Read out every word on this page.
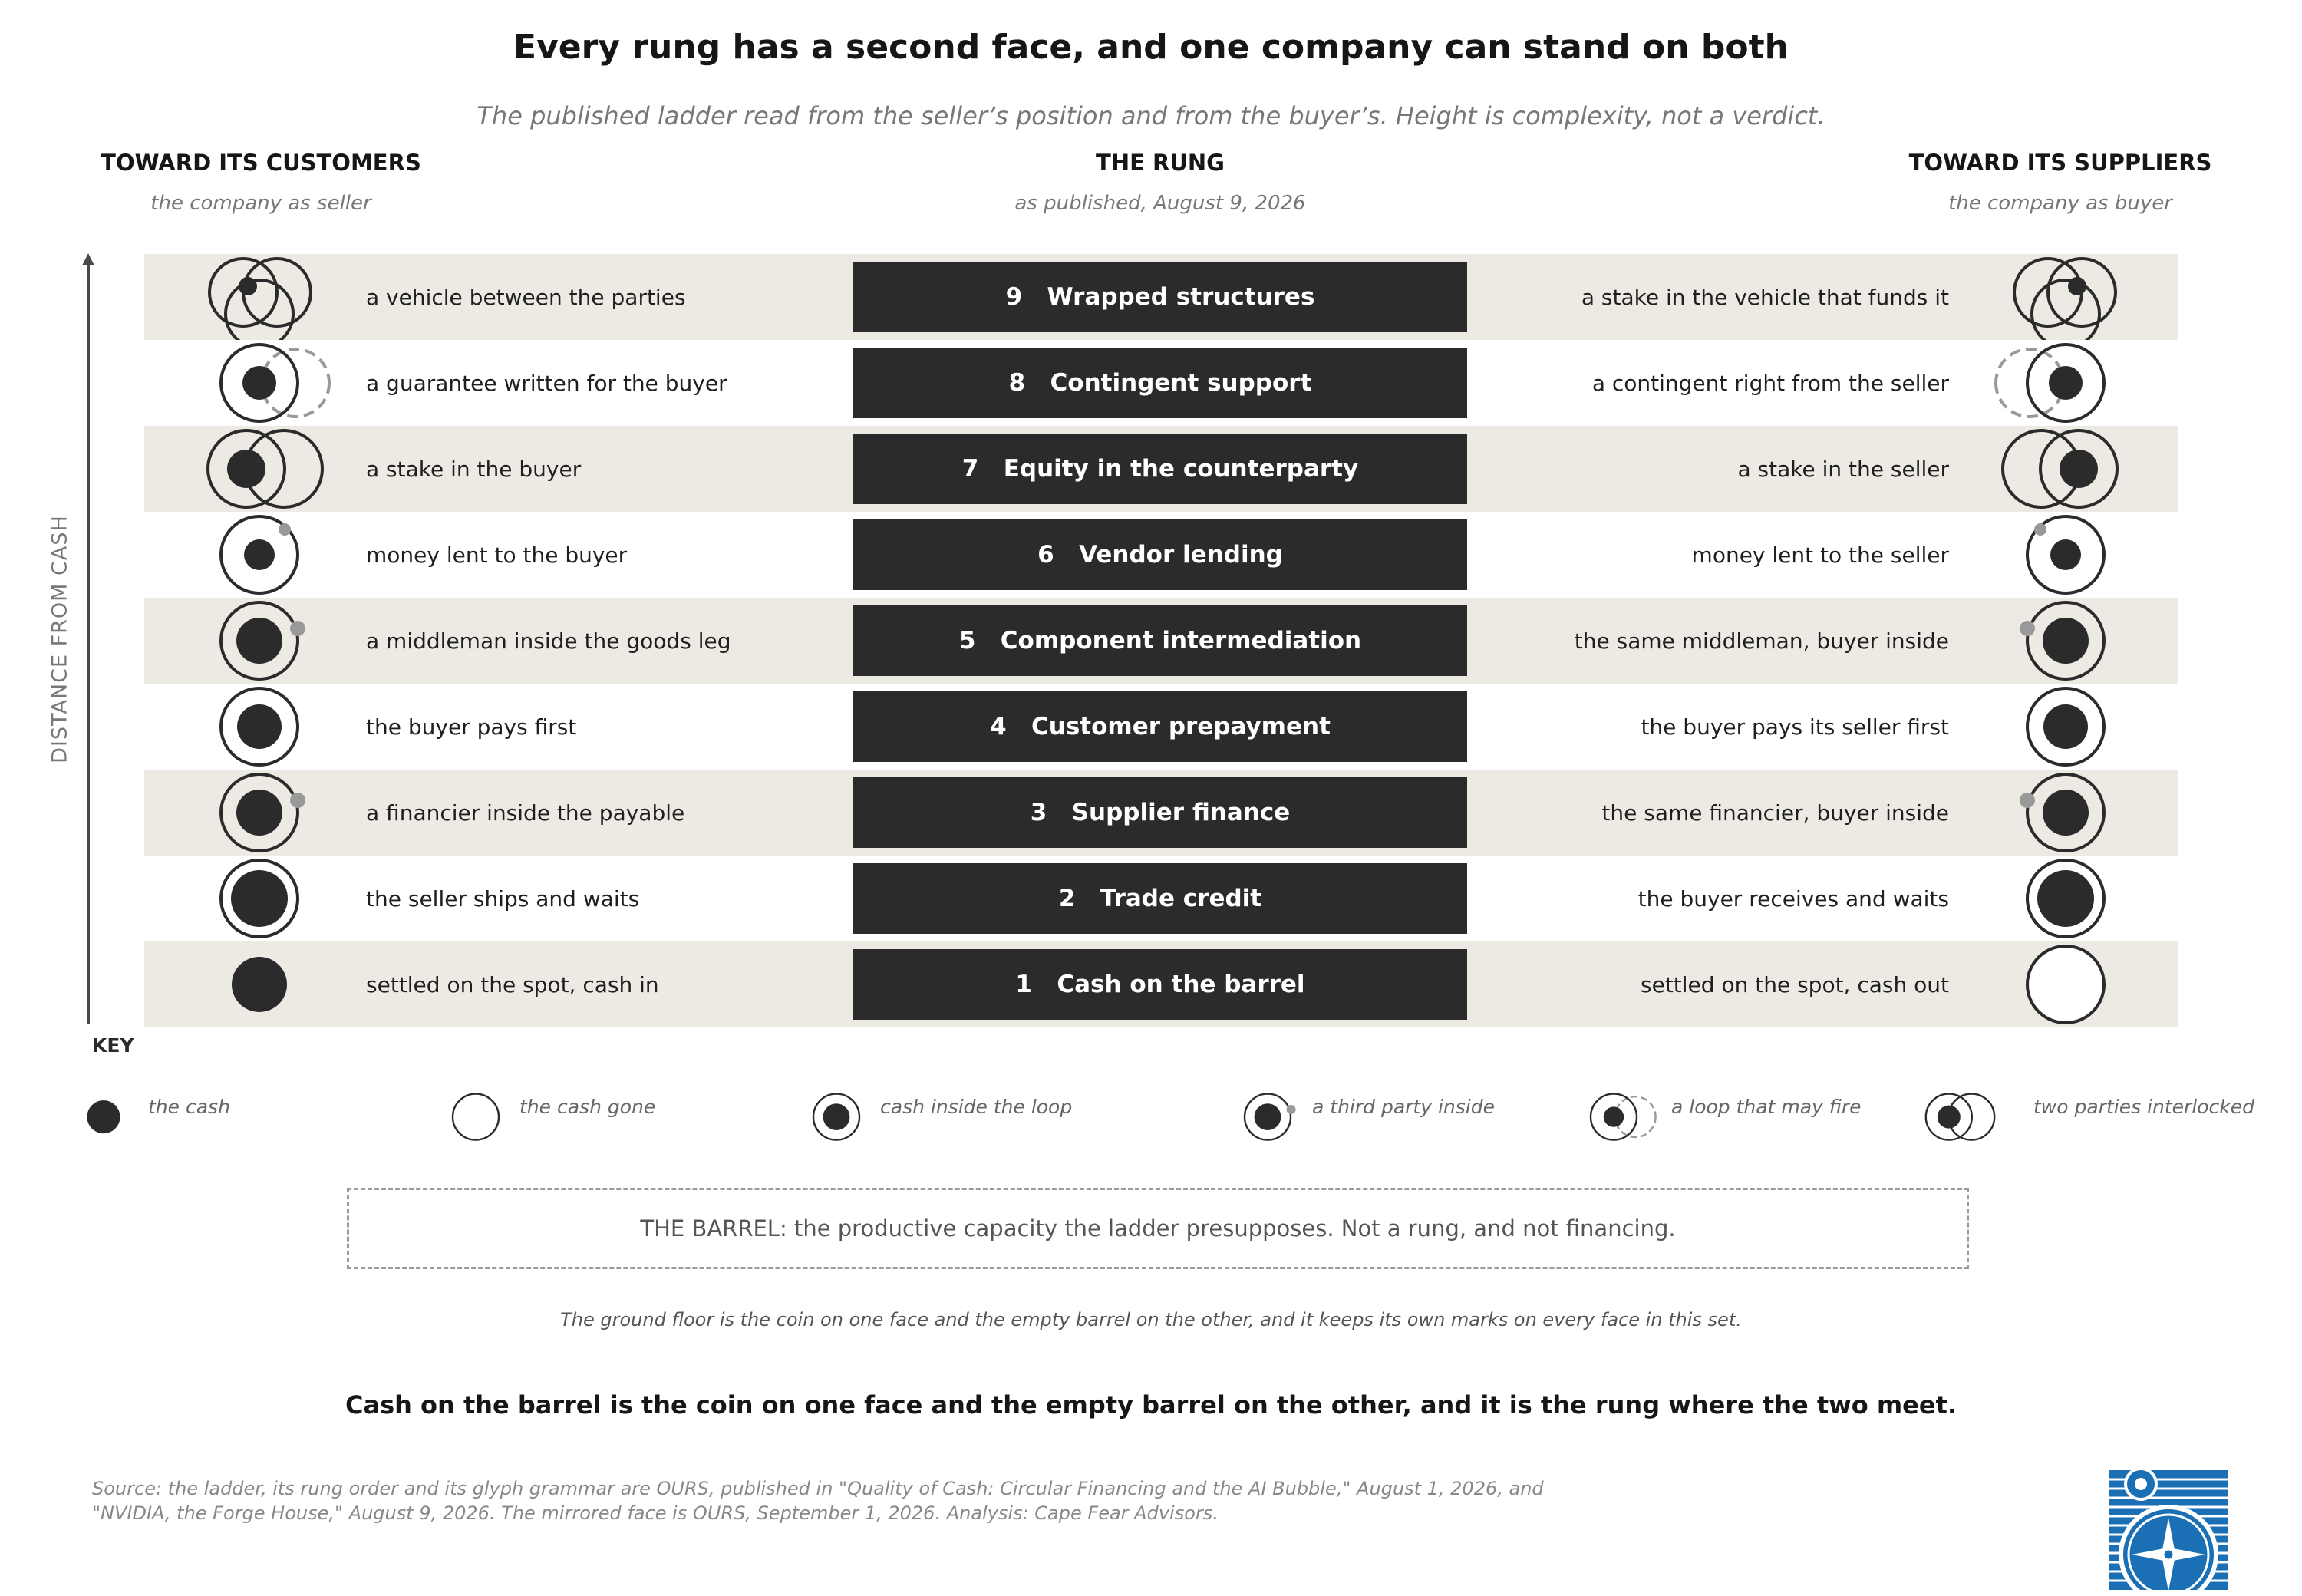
Every rung has a second face, and one company can stand on both
The published ladder read from the seller’s position and from the buyer’s. Height is complexity, not a verdict.
TOWARD ITS CUSTOMERS
the company as seller
THE RUNG
as published, August 9, 2026
TOWARD ITS SUPPLIERS
the company as buyer
DISTANCE FROM CASH
a vehicle between the parties	9   Wrapped structures	a stake in the vehicle that funds it
a guarantee written for the buyer	8   Contingent support	a contingent right from the seller
a stake in the buyer	7   Equity in the counterparty	a stake in the seller
money lent to the buyer	6   Vendor lending	money lent to the seller
a middleman inside the goods leg	5   Component intermediation	the same middleman, buyer inside
the buyer pays first	4   Customer prepayment	the buyer pays its seller first
a financier inside the payable	3   Supplier finance	the same financier, buyer inside
the seller ships and waits	2   Trade credit	the buyer receives and waits
settled on the spot, cash in	1   Cash on the barrel	settled on the spot, cash out
KEY
the cash	the cash gone	cash inside the loop	a third party inside	a loop that may fire	two parties interlocked
THE BARREL: the productive capacity the ladder presupposes. Not a rung, and not financing.
The ground floor is the coin on one face and the empty barrel on the other, and it keeps its own marks on every face in this set.
Cash on the barrel is the coin on one face and the empty barrel on the other, and it is the rung where the two meet.
Source: the ladder, its rung order and its glyph grammar are OURS, published in "Quality of Cash: Circular Financing and the AI Bubble," August 1, 2026, and "NVIDIA, the Forge House," August 9, 2026. The mirrored face is OURS, September 1, 2026. Analysis: Cape Fear Advisors.
